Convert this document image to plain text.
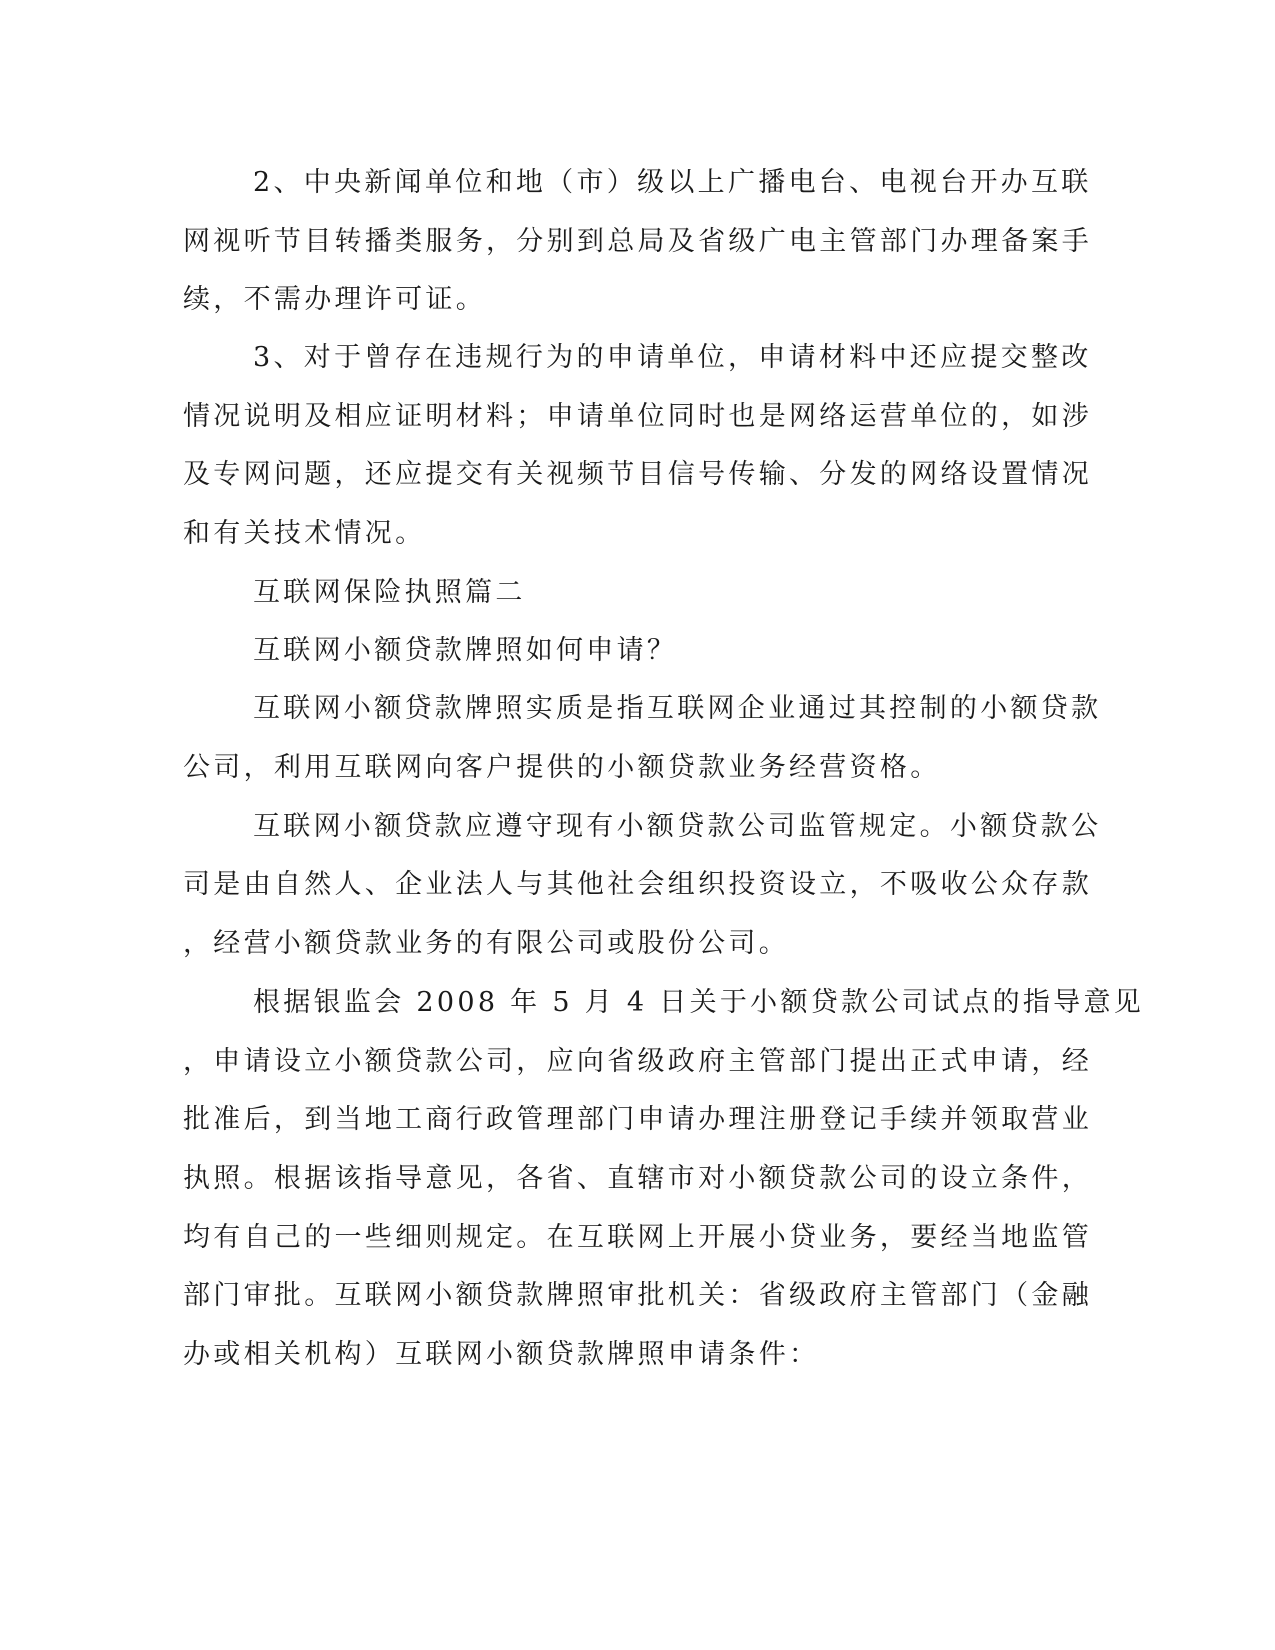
2、中央新闻单位和地（市）级以上广播电台、电视台开办互联
网视听节目转播类服务，分别到总局及省级广电主管部门办理备案手
续，不需办理许可证。
3、对于曾存在违规行为的申请单位，申请材料中还应提交整改
情况说明及相应证明材料；申请单位同时也是网络运营单位的，如涉
及专网问题，还应提交有关视频节目信号传输、分发的网络设置情况
和有关技术情况。
互联网保险执照篇二
互联网小额贷款牌照如何申请？
互联网小额贷款牌照实质是指互联网企业通过其控制的小额贷款
公司，利用互联网向客户提供的小额贷款业务经营资格。
互联网小额贷款应遵守现有小额贷款公司监管规定。小额贷款公
司是由自然人、企业法人与其他社会组织投资设立，不吸收公众存款
，经营小额贷款业务的有限公司或股份公司。
根据银监会 2008 年 5 月 4 日关于小额贷款公司试点的指导意见
，申请设立小额贷款公司，应向省级政府主管部门提出正式申请，经
批准后，到当地工商行政管理部门申请办理注册登记手续并领取营业
执照。根据该指导意见，各省、直辖市对小额贷款公司的设立条件，
均有自己的一些细则规定。在互联网上开展小贷业务，要经当地监管
部门审批。互联网小额贷款牌照审批机关：省级政府主管部门（金融
办或相关机构）互联网小额贷款牌照申请条件：
